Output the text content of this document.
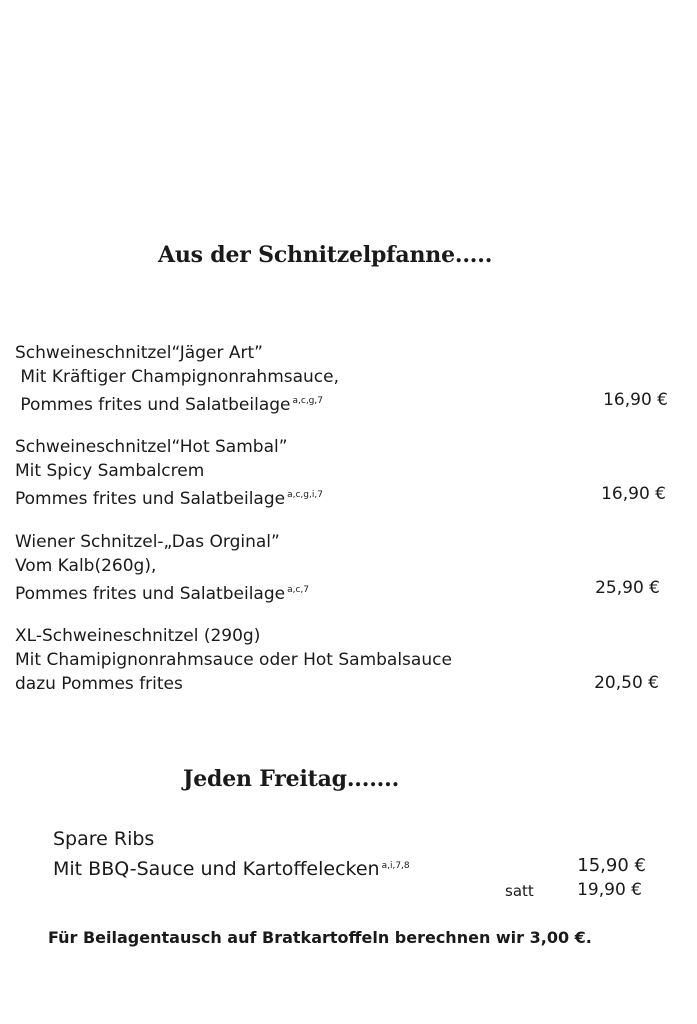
Aus der Schnitzelpfanne.....
Schweineschnitzel“Jäger Art”
Mit Kräftiger Champignonrahmsauce,
Pommes frites und Salatbeilage $^{a,c,g,7}$	16,90 €
Schweineschnitzel“Hot Sambal”
Mit Spicy Sambalcrem
Pommes frites und Salatbeilage $^{a,c,g,i,7}$	16,90 €
Wiener Schnitzel-„Das Orginal”
Vom Kalb(260g),
Pommes frites und Salatbeilage $^{a,c,7}$	25,90 €
XL-Schweineschnitzel (290g)
Mit Chamipignonrahmsauce oder Hot Sambalsauce
dazu Pommes frites	20,50 €
Jeden Freitag.......
Spare Ribs
Mit BBQ-Sauce und Kartoffelecken $^{a,i,7,8}$	15,90 €
satt	19,90 €
Für Beilagentausch auf Bratkartoffeln berechnen wir 3,00 €.
